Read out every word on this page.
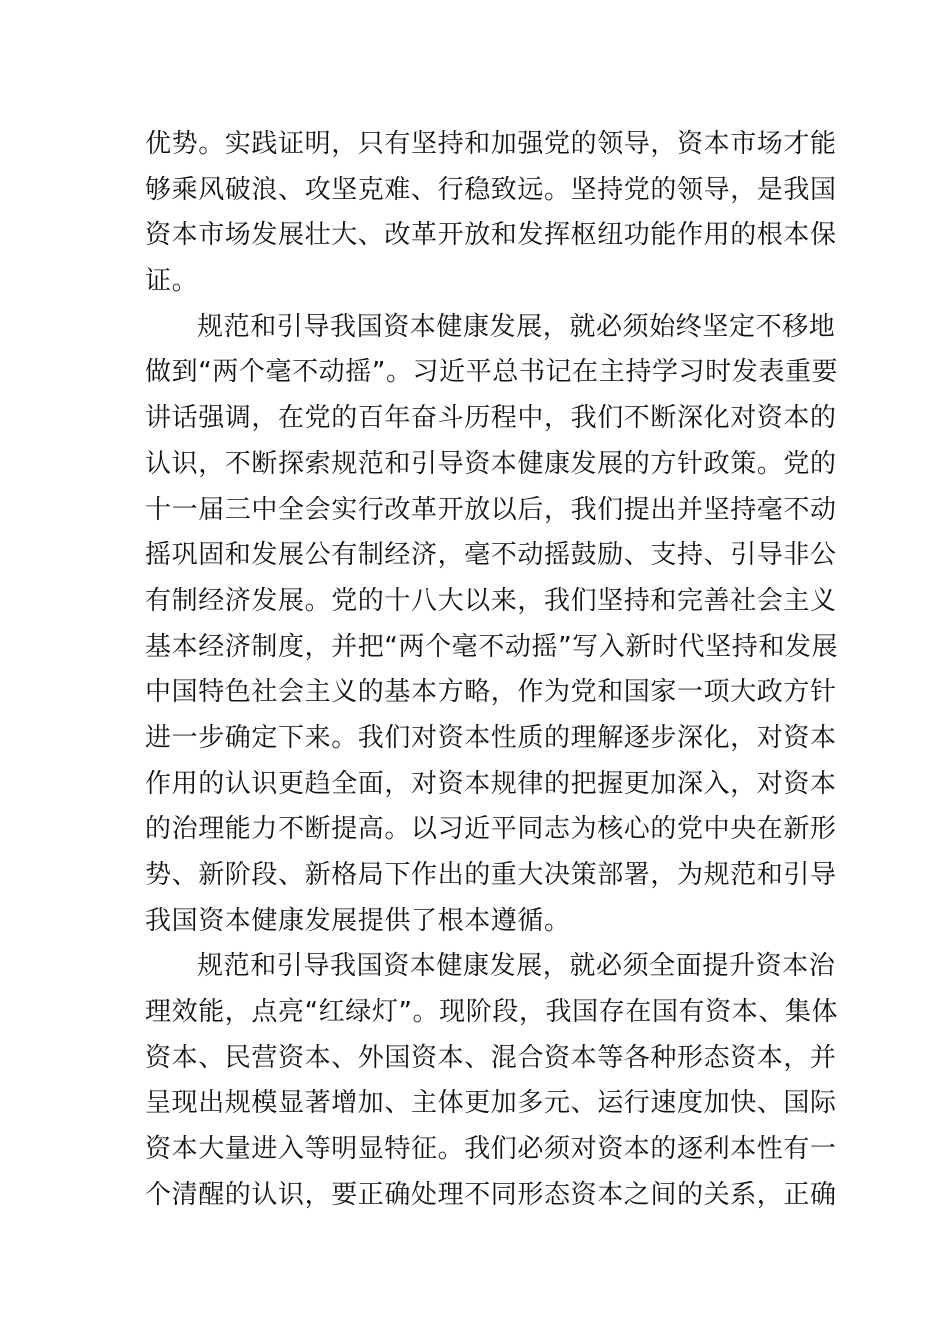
优势。实践证明，只有坚持和加强党的领导，资本市场才能
够乘风破浪、攻坚克难、行稳致远。坚持党的领导，是我国
资本市场发展壮大、改革开放和发挥枢纽功能作用的根本保
证。
规范和引导我国资本健康发展，就必须始终坚定不移地
做到“两个毫不动摇”。习近平总书记在主持学习时发表重要
讲话强调，在党的百年奋斗历程中，我们不断深化对资本的
认识，不断探索规范和引导资本健康发展的方针政策。党的
十一届三中全会实行改革开放以后，我们提出并坚持毫不动
摇巩固和发展公有制经济，毫不动摇鼓励、支持、引导非公
有制经济发展。党的十八大以来，我们坚持和完善社会主义
基本经济制度，并把“两个毫不动摇”写入新时代坚持和发展
中国特色社会主义的基本方略，作为党和国家一项大政方针
进一步确定下来。我们对资本性质的理解逐步深化，对资本
作用的认识更趋全面，对资本规律的把握更加深入，对资本
的治理能力不断提高。以习近平同志为核心的党中央在新形
势、新阶段、新格局下作出的重大决策部署，为规范和引导
我国资本健康发展提供了根本遵循。
规范和引导我国资本健康发展，就必须全面提升资本治
理效能，点亮“红绿灯”。现阶段，我国存在国有资本、集体
资本、民营资本、外国资本、混合资本等各种形态资本，并
呈现出规模显著增加、主体更加多元、运行速度加快、国际
资本大量进入等明显特征。我们必须对资本的逐利本性有一
个清醒的认识，要正确处理不同形态资本之间的关系，正确
